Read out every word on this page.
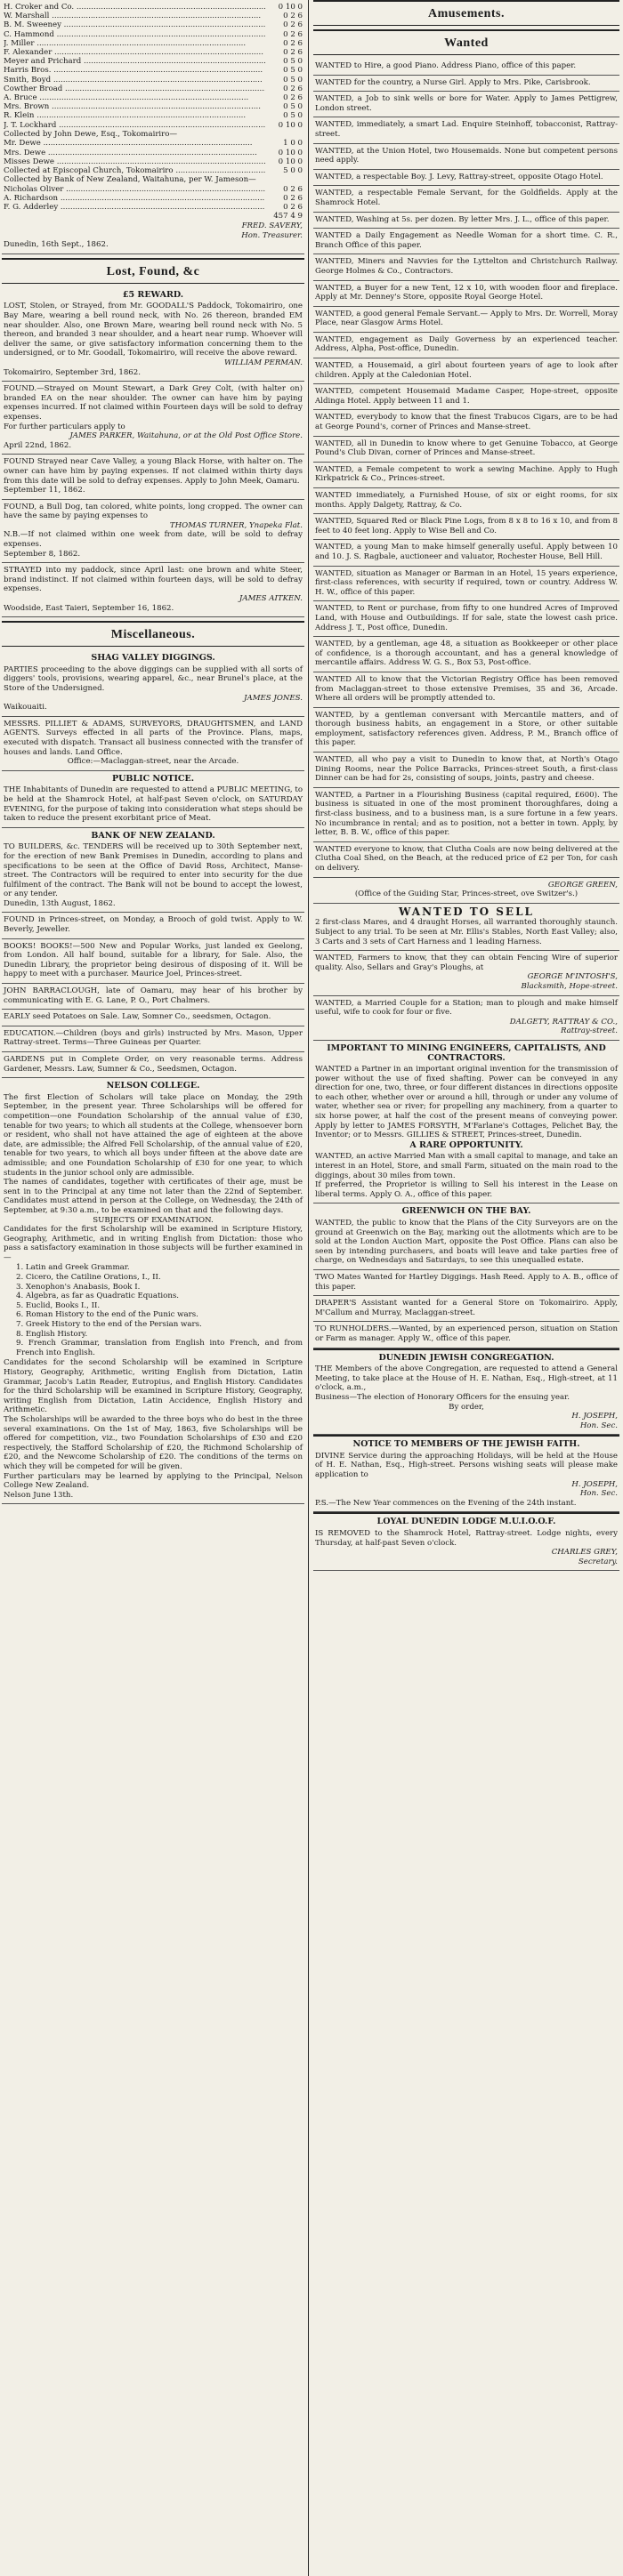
H. Croker and Co. .....	0 10 0
W. Marshall .....	0 2 6
B. M. Sweeney .....	0 2 6
C. Hammond .....	0 2 6
J. Miller .....	0 2 6
F. Alexander .....	0 2 6
Meyer and Prichard .....	0 5 0
Harris Bros. .....	0 5 0
Smith, Boyd .....	0 5 0
Cowther Broad .....	0 2 6
A. Bruce .....	0 2 6
Mrs. Brown .....	0 5 0
R. Klein .....	0 5 0
J. T. Lockhard .....	0 10 0

Collected by John Dewe, Esq., Tokomairiro—

Mr. Dewe .....	1 0 0
Mrs. Dewe .....	0 10 0
Misses Dewe .....	0 10 0
Collected at Episcopal Church, Tokomairiro .....	5 0 0

Collected by Bank of New Zealand, Waitahuna, per W. Jameson—

Nicholas Oliver .....	0 2 6
A. Richardson .....	0 2 6
F. G. Adderley .....	0 2 6

457 4 9

FRED. SAVERY,
Hon. Treasurer.

Dunedin, 16th Sept., 1862.

Lost, Found, &c
£5 REWARD.

LOST, Stolen, or Strayed, from Mr. GOODALL'S Paddock, Tokomairiro, one Bay Mare, wearing a bell round neck, with No. 26 thereon, branded EM near shoulder. Also, one Brown Mare, wearing bell round neck with No. 5 thereon, and branded 3 near shoulder, and a heart near rump. Whoever will deliver the same, or give satisfactory information concerning them to the undersigned, or to Mr. Goodall, Tokomairiro, will receive the above reward.

WILLIAM PERMAN.

Tokomairiro, September 3rd, 1862.

FOUND.—Strayed on Mount Stewart, a Dark Grey Colt, (with halter on) branded EA on the near shoulder. The owner can have him by paying expenses incurred. If not claimed within Fourteen days will be sold to defray expenses.

For further particulars apply to

JAMES PARKER, Waitahuna, or at the Old Post Office Store.

April 22nd, 1862.

FOUND Strayed near Cave Valley, a young Black Horse, with halter on. The owner can have him by paying expenses. If not claimed within thirty days from this date will be sold to defray expenses. Apply to John Meek, Oamaru.

September 11, 1862.

FOUND, a Bull Dog, tan colored, white points, long cropped. The owner can have the same by paying expenses to

THOMAS TURNER, Ynapeka Flat.

N.B.—If not claimed within one week from date, will be sold to defray expenses.

September 8, 1862.

STRAYED into my paddock, since April last: one brown and white Steer, brand indistinct. If not claimed within fourteen days, will be sold to defray expenses.

JAMES AITKEN.

Woodside, East Taieri, September 16, 1862.

Miscellaneous.
SHAG VALLEY DIGGINGS.

PARTIES proceeding to the above diggings can be supplied with all sorts of diggers' tools, provisions, wearing apparel, &c., near Brunel's place, at the Store of the Undersigned.

JAMES JONES.

Waikouaiti.

MESSRS. PILLIET & ADAMS, SURVEYORS, DRAUGHTSMEN, and LAND AGENTS. Surveys effected in all parts of the Province. Plans, maps, executed with dispatch. Transact all business connected with the transfer of houses and lands. Land Office.

Office:—Maclaggan-street, near the Arcade.
PUBLIC NOTICE.

THE Inhabitants of Dunedin are requested to attend a PUBLIC MEETING, to be held at the Shamrock Hotel, at half-past Seven o'clock, on SATURDAY EVENING, for the purpose of taking into consideration what steps should be taken to reduce the present exorbitant price of Meat.

BANK OF NEW ZEALAND.

TO BUILDERS, &c. TENDERS will be received up to 30th September next, for the erection of new Bank Premises in Dunedin, according to plans and specifications to be seen at the Office of David Ross, Architect, Manse-street. The Contractors will be required to enter into security for the due fulfilment of the contract. The Bank will not be bound to accept the lowest, or any tender.

Dunedin, 13th August, 1862.

FOUND in Princes-street, on Monday, a Brooch of gold twist. Apply to W. Beverly, Jeweller.

BOOKS! BOOKS!—500 New and Popular Works, just landed ex Geelong, from London. All half bound, suitable for a library, for Sale. Also, the Dunedin Library, the proprietor being desirous of disposing of it. Will be happy to meet with a purchaser. Maurice Joel, Princes-street.

JOHN BARRACLOUGH, late of Oamaru, may hear of his brother by communicating with E. G. Lane, P. O., Port Chalmers.

EARLY seed Potatoes on Sale. Law, Somner Co., seedsmen, Octagon.

EDUCATION.—Children (boys and girls) instructed by Mrs. Mason, Upper Rattray-street. Terms—Three Guineas per Quarter.

GARDENS put in Complete Order, on very reasonable terms. Address Gardener, Messrs. Law, Sumner & Co., Seedsmen, Octagon.

NELSON COLLEGE.

The first Election of Scholars will take place on Monday, the 29th September, in the present year. Three Scholarships will be offered for competition—one Foundation Scholarship of the annual value of £30, tenable for two years; to which all students at the College, whensoever born or resident, who shall not have attained the age of eighteen at the above date, are admissible; the Alfred Fell Scholarship, of the annual value of £20, tenable for two years, to which all boys under fifteen at the above date are admissible; and one Foundation Scholarship of £30 for one year, to which students in the junior school only are admissible.

The names of candidates, together with certificates of their age, must be sent in to the Principal at any time not later than the 22nd of September. Candidates must attend in person at the College, on Wednesday, the 24th of September, at 9:30 a.m., to be examined on that and the following days.

SUBJECTS OF EXAMINATION.

Candidates for the first Scholarship will be examined in Scripture History, Geography, Arithmetic, and in writing English from Dictation: those who pass a satisfactory examination in those subjects will be further examined in—

1. Latin and Greek Grammar.
2. Cicero, the Catiline Orations, I., II.
3. Xenophon's Anabasis, Book I.
4. Algebra, as far as Quadratic Equations.
5. Euclid, Books I., II.
6. Roman History to the end of the Punic wars.
7. Greek History to the end of the Persian wars.
8. English History.
9. French Grammar, translation from English into French, and from French into English.

Candidates for the second Scholarship will be examined in Scripture History, Geography, Arithmetic, writing English from Dictation, Latin Grammar, Jacob's Latin Reader, Eutropius, and English History. Candidates for the third Scholarship will be examined in Scripture History, Geography, writing English from Dictation, Latin Accidence, English History and Arithmetic.

The Scholarships will be awarded to the three boys who do best in the three several examinations. On the 1st of May, 1863, five Scholarships will be offered for competition, viz., two Foundation Scholarships of £30 and £20 respectively, the Stafford Scholarship of £20, the Richmond Scholarship of £20, and the Newcome Scholarship of £20. The conditions of the terms on which they will be competed for will be given.

Further particulars may be learned by applying to the Principal, Nelson College New Zealand.

Nelson June 13th.

Amusements.
Wanted

WANTED to Hire, a good Piano. Address Piano, office of this paper.

WANTED for the country, a Nurse Girl. Apply to Mrs. Pike, Carisbrook.

WANTED, a Job to sink wells or bore for Water. Apply to James Pettigrew, London street.

WANTED, immediately, a smart Lad. Enquire Steinhoff, tobacconist, Rattray-street.

WANTED, at the Union Hotel, two Housemaids. None but competent persons need apply.

WANTED, a respectable Boy. J. Levy, Rattray-street, opposite Otago Hotel.

WANTED, a respectable Female Servant, for the Goldfields. Apply at the Shamrock Hotel.

WANTED, Washing at 5s. per dozen. By letter Mrs. J. L., office of this paper.

WANTED a Daily Engagement as Needle Woman for a short time. C. R., Branch Office of this paper.

WANTED, Miners and Navvies for the Lyttelton and Christchurch Railway. George Holmes & Co., Contractors.

WANTED, a Buyer for a new Tent, 12 x 10, with wooden floor and fireplace. Apply at Mr. Denney's Store, opposite Royal George Hotel.

WANTED, a good general Female Servant.— Apply to Mrs. Dr. Worrell, Moray Place, near Glasgow Arms Hotel.

WANTED, engagement as Daily Governess by an experienced teacher. Address, Alpha, Post-office, Dunedin.

WANTED, a Housemaid, a girl about fourteen years of age to look after children. Apply at the Caledonian Hotel.

WANTED, competent Housemaid Madame Casper, Hope-street, opposite Aldinga Hotel. Apply between 11 and 1.

WANTED, everybody to know that the finest Trabucos Cigars, are to be had at George Pound's, corner of Princes and Manse-street.

WANTED, all in Dunedin to know where to get Genuine Tobacco, at George Pound's Club Divan, corner of Princes and Manse-street.

WANTED, a Female competent to work a sewing Machine. Apply to Hugh Kirkpatrick & Co., Princes-street.

WANTED immediately, a Furnished House, of six or eight rooms, for six months. Apply Dalgety, Rattray, & Co.

WANTED, Squared Red or Black Pine Logs, from 8 x 8 to 16 x 10, and from 8 feet to 40 feet long. Apply to Wise Bell and Co.

WANTED, a young Man to make himself generally useful. Apply between 10 and 10. J. S. Ragbale, auctioneer and valuator, Rochester House, Bell Hill.

WANTED, situation as Manager or Barman in an Hotel, 15 years experience, first-class references, with security if required, town or country. Address W. H. W., office of this paper.

WANTED, to Rent or purchase, from fifty to one hundred Acres of Improved Land, with House and Outbuildings. If for sale, state the lowest cash price. Address J. T., Post office, Dunedin.

WANTED, by a gentleman, age 48, a situation as Bookkeeper or other place of confidence, is a thorough accountant, and has a general knowledge of mercantile affairs. Address W. G. S., Box 53, Post-office.

WANTED All to know that the Victorian Registry Office has been removed from Maclaggan-street to those extensive Premises, 35 and 36, Arcade. Where all orders will be promptly attended to.

WANTED, by a gentleman conversant with Mercantile matters, and of thorough business habits, an engagement in a Store, or other suitable employment, satisfactory references given. Address, P. M., Branch office of this paper.

WANTED, all who pay a visit to Dunedin to know that, at North's Otago Dining Rooms, near the Police Barracks, Princes-street South, a first-class Dinner can be had for 2s, consisting of soups, joints, pastry and cheese.

WANTED, a Partner in a Flourishing Business (capital required, £600). The business is situated in one of the most prominent thoroughfares, doing a first-class business, and to a business man, is a sure fortune in a few years. No incumbrance in rental; and as to position, not a better in town. Apply, by letter, B. B. W., office of this paper.

WANTED everyone to know, that Clutha Coals are now being delivered at the Clutha Coal Shed, on the Beach, at the reduced price of £2 per Ton, for cash on delivery.

GEORGE GREEN,
(Office of the Guiding Star, Princes-street, ove Switzer's.)
WANTED TO SELL

2 first-class Mares, and 4 draught Horses, all warranted thoroughly staunch. Subject to any trial. To be seen at Mr. Ellis's Stables, North East Valley; also, 3 Carts and 3 sets of Cart Harness and 1 leading Harness.

WANTED, Farmers to know, that they can obtain Fencing Wire of superior quality. Also, Sellars and Gray's Ploughs, at

GEORGE M'INTOSH'S,
Blacksmith, Hope-street.

WANTED, a Married Couple for a Station; man to plough and make himself useful, wife to cook for four or five.

DALGETY, RATTRAY & CO.,
Rattray-street.
IMPORTANT TO MINING ENGINEERS, CAPITALISTS, AND CONTRACTORS.

WANTED a Partner in an important original invention for the transmission of power without the use of fixed shafting. Power can be conveyed in any direction for one, two, three, or four different distances in directions opposite to each other, whether over or around a hill, through or under any volume of water, whether sea or river; for propelling any machinery, from a quarter to six horse power, at half the cost of the present means of conveying power. Apply by letter to JAMES FORSYTH, M'Farlane's Cottages, Pelichet Bay, the Inventor; or to Messrs. GILLIES & STREET, Princes-street, Dunedin.

A RARE OPPORTUNITY.

WANTED, an active Married Man with a small capital to manage, and take an interest in an Hotel, Store, and small Farm, situated on the main road to the diggings, about 30 miles from town.

If preferred, the Proprietor is willing to Sell his interest in the Lease on liberal terms. Apply O. A., office of this paper.

GREENWICH ON THE BAY.

WANTED, the public to know that the Plans of the City Surveyors are on the ground at Greenwich on the Bay, marking out the allotments which are to be sold at the London Auction Mart, opposite the Post Office. Plans can also be seen by intending purchasers, and boats will leave and take parties free of charge, on Wednesdays and Saturdays, to see this unequalled estate.

TWO Mates Wanted for Hartley Diggings. Hash Reed. Apply to A. B., office of this paper.

DRAPER'S Assistant wanted for a General Store on Tokomairiro. Apply, M'Callum and Murray, Maclaggan-street.

TO RUNHOLDERS.—Wanted, by an experienced person, situation on Station or Farm as manager. Apply W., office of this paper.

DUNEDIN JEWISH CONGREGATION.

THE Members of the above Congregation, are requested to attend a General Meeting, to take place at the House of H. E. Nathan, Esq., High-street, at 11 o'clock, a.m.,

Business—The election of Honorary Officers for the ensuing year.

By order,
H. JOSEPH,
Hon. Sec.
NOTICE TO MEMBERS OF THE JEWISH FAITH.

DIVINE Service during the approaching Holidays, will be held at the House of H. E. Nathan, Esq., High-street. Persons wishing seats will please make application to

H. JOSEPH,
Hon. Sec.

P.S.—The New Year commences on the Evening of the 24th instant.

LOYAL DUNEDIN LODGE M.U.I.O.O.F.

IS REMOVED to the Shamrock Hotel, Rattray-street. Lodge nights, every Thursday, at half-past Seven o'clock.

CHARLES GREY,
Secretary.
